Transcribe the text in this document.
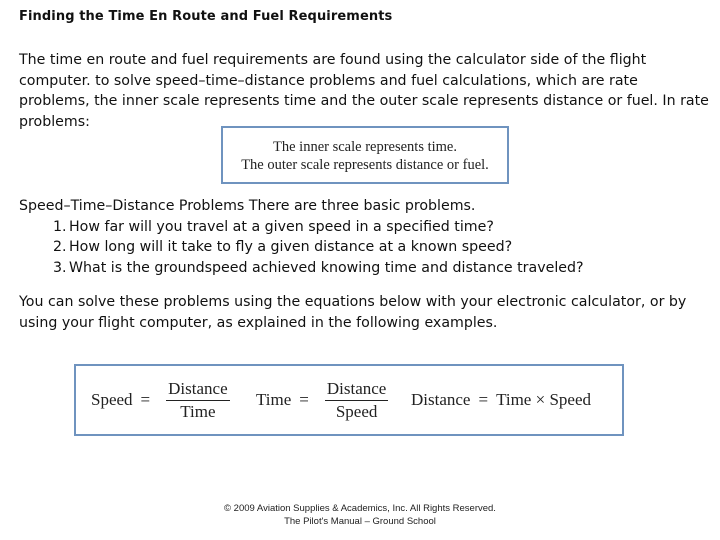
Finding the Time En Route and Fuel Requirements
The time en route and fuel requirements are found using the calculator side of the flight computer. to solve speed–time–distance problems and fuel calculations, which are rate problems, the inner scale represents time and the outer scale represents distance or fuel. In rate problems:
The inner scale represents time.
The outer scale represents distance or fuel.
Speed–Time–Distance Problems There are three basic problems.
1. How far will you travel at a given speed in a specified time?
2. How long will it take to fly a given distance at a known speed?
3. What is the groundspeed achieved knowing time and distance traveled?
You can solve these problems using the equations below with your electronic calculator, or by using your flight computer, as explained in the following examples.
Speed = $\frac{\text{Distance}}{\text{Time}}$ Time = $\frac{\text{Distance}}{\text{Speed}}$ Distance = Time × Speed
© 2009 Aviation Supplies & Academics, Inc. All Rights Reserved.
The Pilot's Manual – Ground School
